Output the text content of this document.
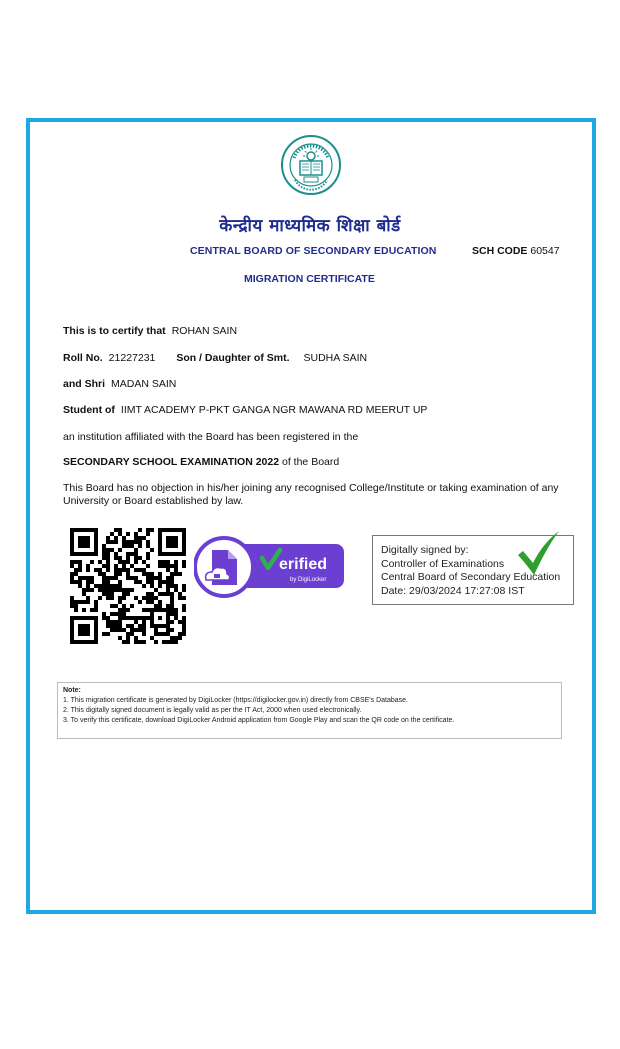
केन्द्रीय माध्यमिक शिक्षा बोर्ड
CENTRAL BOARD OF SECONDARY EDUCATION	SCH CODE 60547
MIGRATION CERTIFICATE
This is to certify that ROHAN SAIN
Roll No. 21227231 Son / Daughter of Smt. SUDHA SAIN
and Shri MADAN SAIN
Student of IIMT ACADEMY P-PKT GANGA NGR MAWANA RD MEERUT UP
an institution affiliated with the Board has been registered in the
SECONDARY SCHOOL EXAMINATION 2022 of the Board
This Board has no objection in his/her joining any recognised College/Institute or taking examination of any University or Board established by law.
erified
by DigiLocker
Digitally signed by:
Controller of Examinations
Central Board of Secondary Education
Date: 29/03/2024 17:27:08 IST
Note:
1. This migration certificate is generated by DigiLocker (https://digilocker.gov.in) directly from CBSE's Database.
2. This digitally signed document is legally valid as per the IT Act, 2000 when used electronically.
3. To verify this certificate, download DigiLocker Android application from Google Play and scan the QR code on the certificate.
